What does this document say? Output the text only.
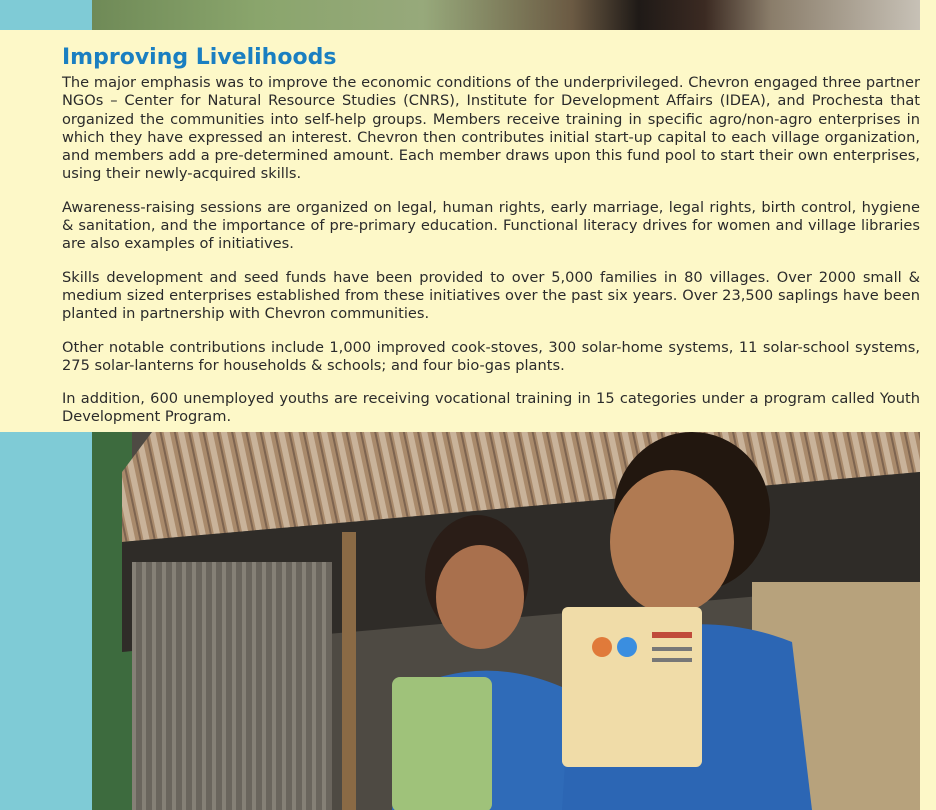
Improving Livelihoods

The major emphasis was to improve the economic conditions of the underprivileged. Chevron engaged three partner NGOs – Center for Natural Resource Studies (CNRS), Institute for Development Affairs (IDEA), and Prochesta that organized the communities into self-help groups. Members receive training in specific agro/non-agro enterprises in which they have expressed an interest. Chevron then contributes initial start-up capital to each village organization, and members add a pre-determined amount. Each member draws upon this fund pool to start their own enterprises, using their newly-acquired skills.

Awareness-raising sessions are organized on legal, human rights, early marriage, legal rights, birth control, hygiene & sanitation, and the importance of pre-primary education. Functional literacy drives for women and village libraries are also examples of initiatives.

Skills development and seed funds have been provided to over 5,000 families in 80 villages. Over 2000 small & medium sized enterprises established from these initiatives over the past six years. Over 23,500 saplings have been planted in partnership with Chevron communities.

Other notable contributions include 1,000 improved cook-stoves, 300 solar-home systems, 11 solar-school systems, 275 solar-lanterns for households & schools; and four bio-gas plants.

In addition, 600 unemployed youths are receiving vocational training in 15 categories under a program called Youth Development Program.
